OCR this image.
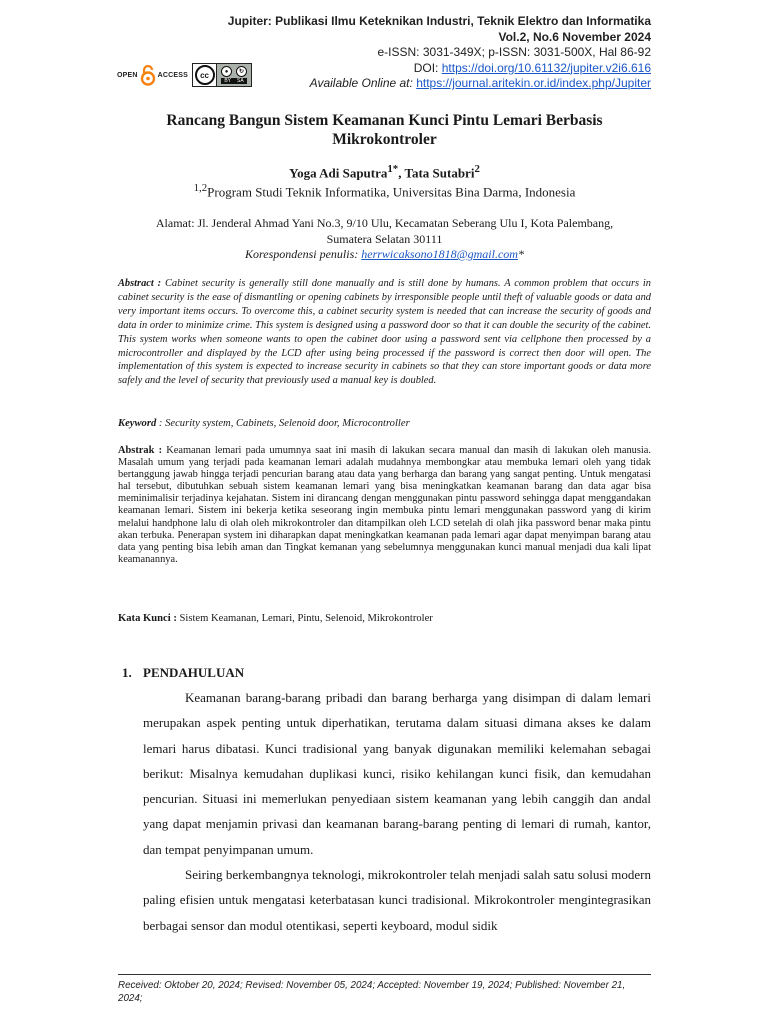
Jupiter: Publikasi Ilmu Keteknikan Industri, Teknik Elektro dan Informatika
Vol.2, No.6 November 2024
e-ISSN: 3031-349X; p-ISSN: 3031-500X, Hal 86-92
DOI: https://doi.org/10.61132/jupiter.v2i6.616
Available Online at: https://journal.aritekin.or.id/index.php/Jupiter
OPEN	ACCESS	cc	●	↻
BY SA
Rancang Bangun Sistem Keamanan Kunci Pintu Lemari Berbasis Mikrokontroler
Yoga Adi Saputra$^{1*}$, Tata Sutabri$^2$
$^{1,2}$Program Studi Teknik Informatika, Universitas Bina Darma, Indonesia
Alamat: Jl. Jenderal Ahmad Yani No.3, 9/10 Ulu, Kecamatan Seberang Ulu I, Kota Palembang,
Sumatera Selatan 30111
Korespondensi penulis: herrwicaksono1818@gmail.com*
Abstract : Cabinet security is generally still done manually and is still done by humans. A common problem that occurs in cabinet security is the ease of dismantling or opening cabinets by irresponsible people until theft of valuable goods or data and very important items occurs. To overcome this, a cabinet security system is needed that can increase the security of goods and data in order to minimize crime. This system is designed using a password door so that it can double the security of the cabinet. This system works when someone wants to open the cabinet door using a password sent via cellphone then processed by a microcontroller and displayed by the LCD after using being processed if the password is correct then door will open. The implementation of this system is expected to increase security in cabinets so that they can store important goods or data more safely and the level of security that previously used a manual key is doubled.
Keyword : Security system, Cabinets, Selenoid door, Microcontroller
Abstrak : Keamanan lemari pada umumnya saat ini masih di lakukan secara manual dan masih di lakukan oleh manusia. Masalah umum yang terjadi pada keamanan lemari adalah mudahnya membongkar atau membuka lemari oleh yang tidak bertanggung jawab hingga terjadi pencurian barang atau data yang berharga dan barang yang sangat penting. Untuk mengatasi hal tersebut, dibutuhkan sebuah sistem keamanan lemari yang bisa meningkatkan keamanan barang dan data agar bisa meminimalisir terjadinya kejahatan. Sistem ini dirancang dengan menggunakan pintu password sehingga dapat menggandakan keamanan lemari. Sistem ini bekerja ketika seseorang ingin membuka pintu lemari menggunakan password yang di kirim melalui handphone lalu di olah oleh mikrokontroler dan ditampilkan oleh LCD setelah di olah jika password benar maka pintu akan terbuka. Penerapan system ini diharapkan dapat meningkatkan keamanan pada lemari agar dapat menyimpan barang atau data yang penting bisa lebih aman dan Tingkat kemanan yang sebelumnya menggunakan kunci manual menjadi dua kali lipat keamanannya.
Kata Kunci : Sistem Keamanan, Lemari, Pintu, Selenoid, Mikrokontroler
1. PENDAHULUAN

Keamanan barang-barang pribadi dan barang berharga yang disimpan di dalam lemari merupakan aspek penting untuk diperhatikan, terutama dalam situasi dimana akses ke dalam lemari harus dibatasi. Kunci tradisional yang banyak digunakan memiliki kelemahan sebagai berikut: Misalnya kemudahan duplikasi kunci, risiko kehilangan kunci fisik, dan kemudahan pencurian. Situasi ini memerlukan penyediaan sistem keamanan yang lebih canggih dan andal yang dapat menjamin privasi dan keamanan barang-barang penting di lemari di rumah, kantor, dan tempat penyimpanan umum.

Seiring berkembangnya teknologi, mikrokontroler telah menjadi salah satu solusi modern paling efisien untuk mengatasi keterbatasan kunci tradisional. Mikrokontroler mengintegrasikan berbagai sensor dan modul otentikasi, seperti keyboard, modul sidik

Received: Oktober 20, 2024; Revised: November 05, 2024; Accepted: November 19, 2024; Published: November 21, 2024;
